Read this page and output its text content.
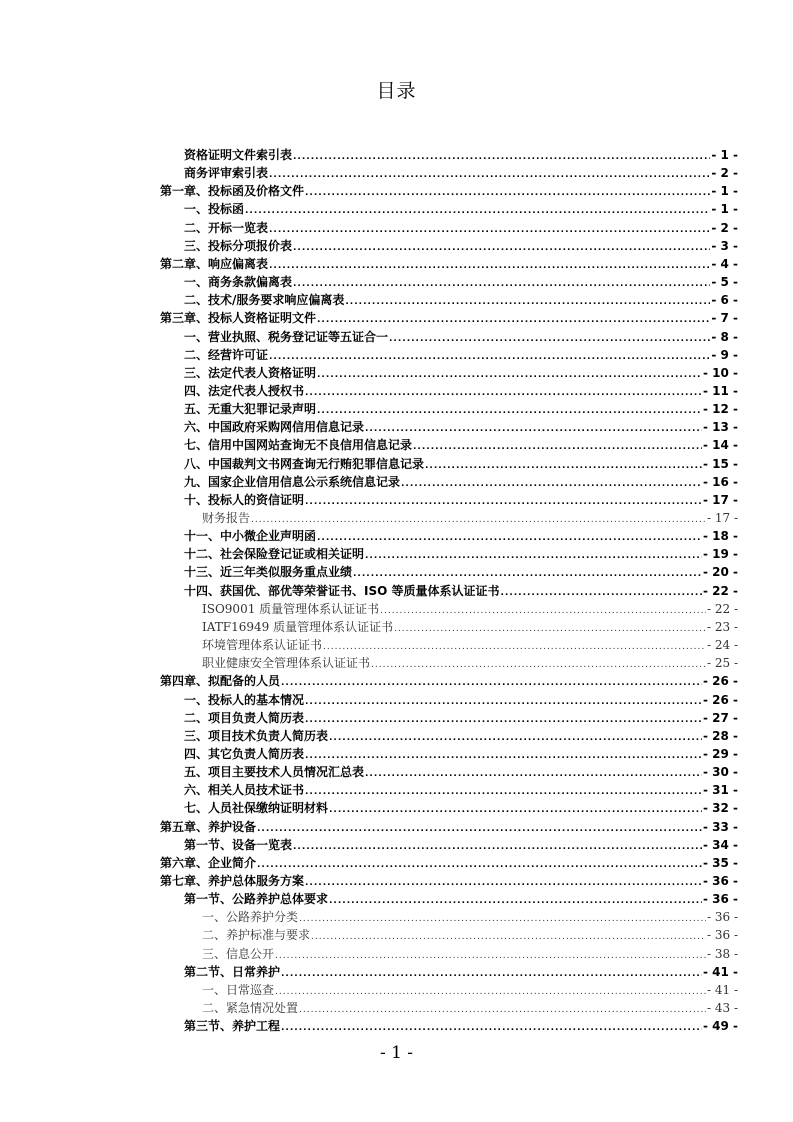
目录
资格证明文件索引表 .....	- 1 -
商务评审索引表 .....	- 2 -
第一章、投标函及价格文件 .....	- 1 -
一、投标函 .....	- 1 -
二、开标一览表 .....	- 2 -
三、投标分项报价表 .....	- 3 -
第二章、响应偏离表 .....	- 4 -
一、商务条款偏离表 .....	- 5 -
二、技术/服务要求响应偏离表 .....	- 6 -
第三章、投标人资格证明文件 .....	- 7 -
一、营业执照、税务登记证等五证合一 .....	- 8 -
二、经营许可证 .....	- 9 -
三、法定代表人资格证明 .....	- 10 -
四、法定代表人授权书 .....	- 11 -
五、无重大犯罪记录声明 .....	- 12 -
六、中国政府采购网信用信息记录 .....	- 13 -
七、信用中国网站查询无不良信用信息记录 .....	- 14 -
八、中国裁判文书网查询无行贿犯罪信息记录 .....	- 15 -
九、国家企业信用信息公示系统信息记录 .....	- 16 -
十、投标人的资信证明 .....	- 17 -
财务报告 .....	- 17 -
十一、中小微企业声明函 .....	- 18 -
十二、社会保险登记证或相关证明 .....	- 19 -
十三、近三年类似服务重点业绩 .....	- 20 -
十四、获国优、部优等荣誉证书、ISO 等质量体系认证证书 .....	- 22 -
ISO9001 质量管理体系认证证书 .....	- 22 -
IATF16949 质量管理体系认证证书 .....	- 23 -
环境管理体系认证证书 .....	- 24 -
职业健康安全管理体系认证证书 .....	- 25 -
第四章、拟配备的人员 .....	- 26 -
一、投标人的基本情况 .....	- 26 -
二、项目负责人简历表 .....	- 27 -
三、项目技术负责人简历表 .....	- 28 -
四、其它负责人简历表 .....	- 29 -
五、项目主要技术人员情况汇总表 .....	- 30 -
六、相关人员技术证书 .....	- 31 -
七、人员社保缴纳证明材料 .....	- 32 -
第五章、养护设备 .....	- 33 -
第一节、设备一览表 .....	- 34 -
第六章、企业简介 .....	- 35 -
第七章、养护总体服务方案 .....	- 36 -
第一节、公路养护总体要求 .....	- 36 -
一、公路养护分类 .....	- 36 -
二、养护标准与要求 .....	- 36 -
三、信息公开 .....	- 38 -
第二节、日常养护 .....	- 41 -
一、日常巡查 .....	- 41 -
二、紧急情况处置 .....	- 43 -
第三节、养护工程 .....	- 49 -
- 1 -
